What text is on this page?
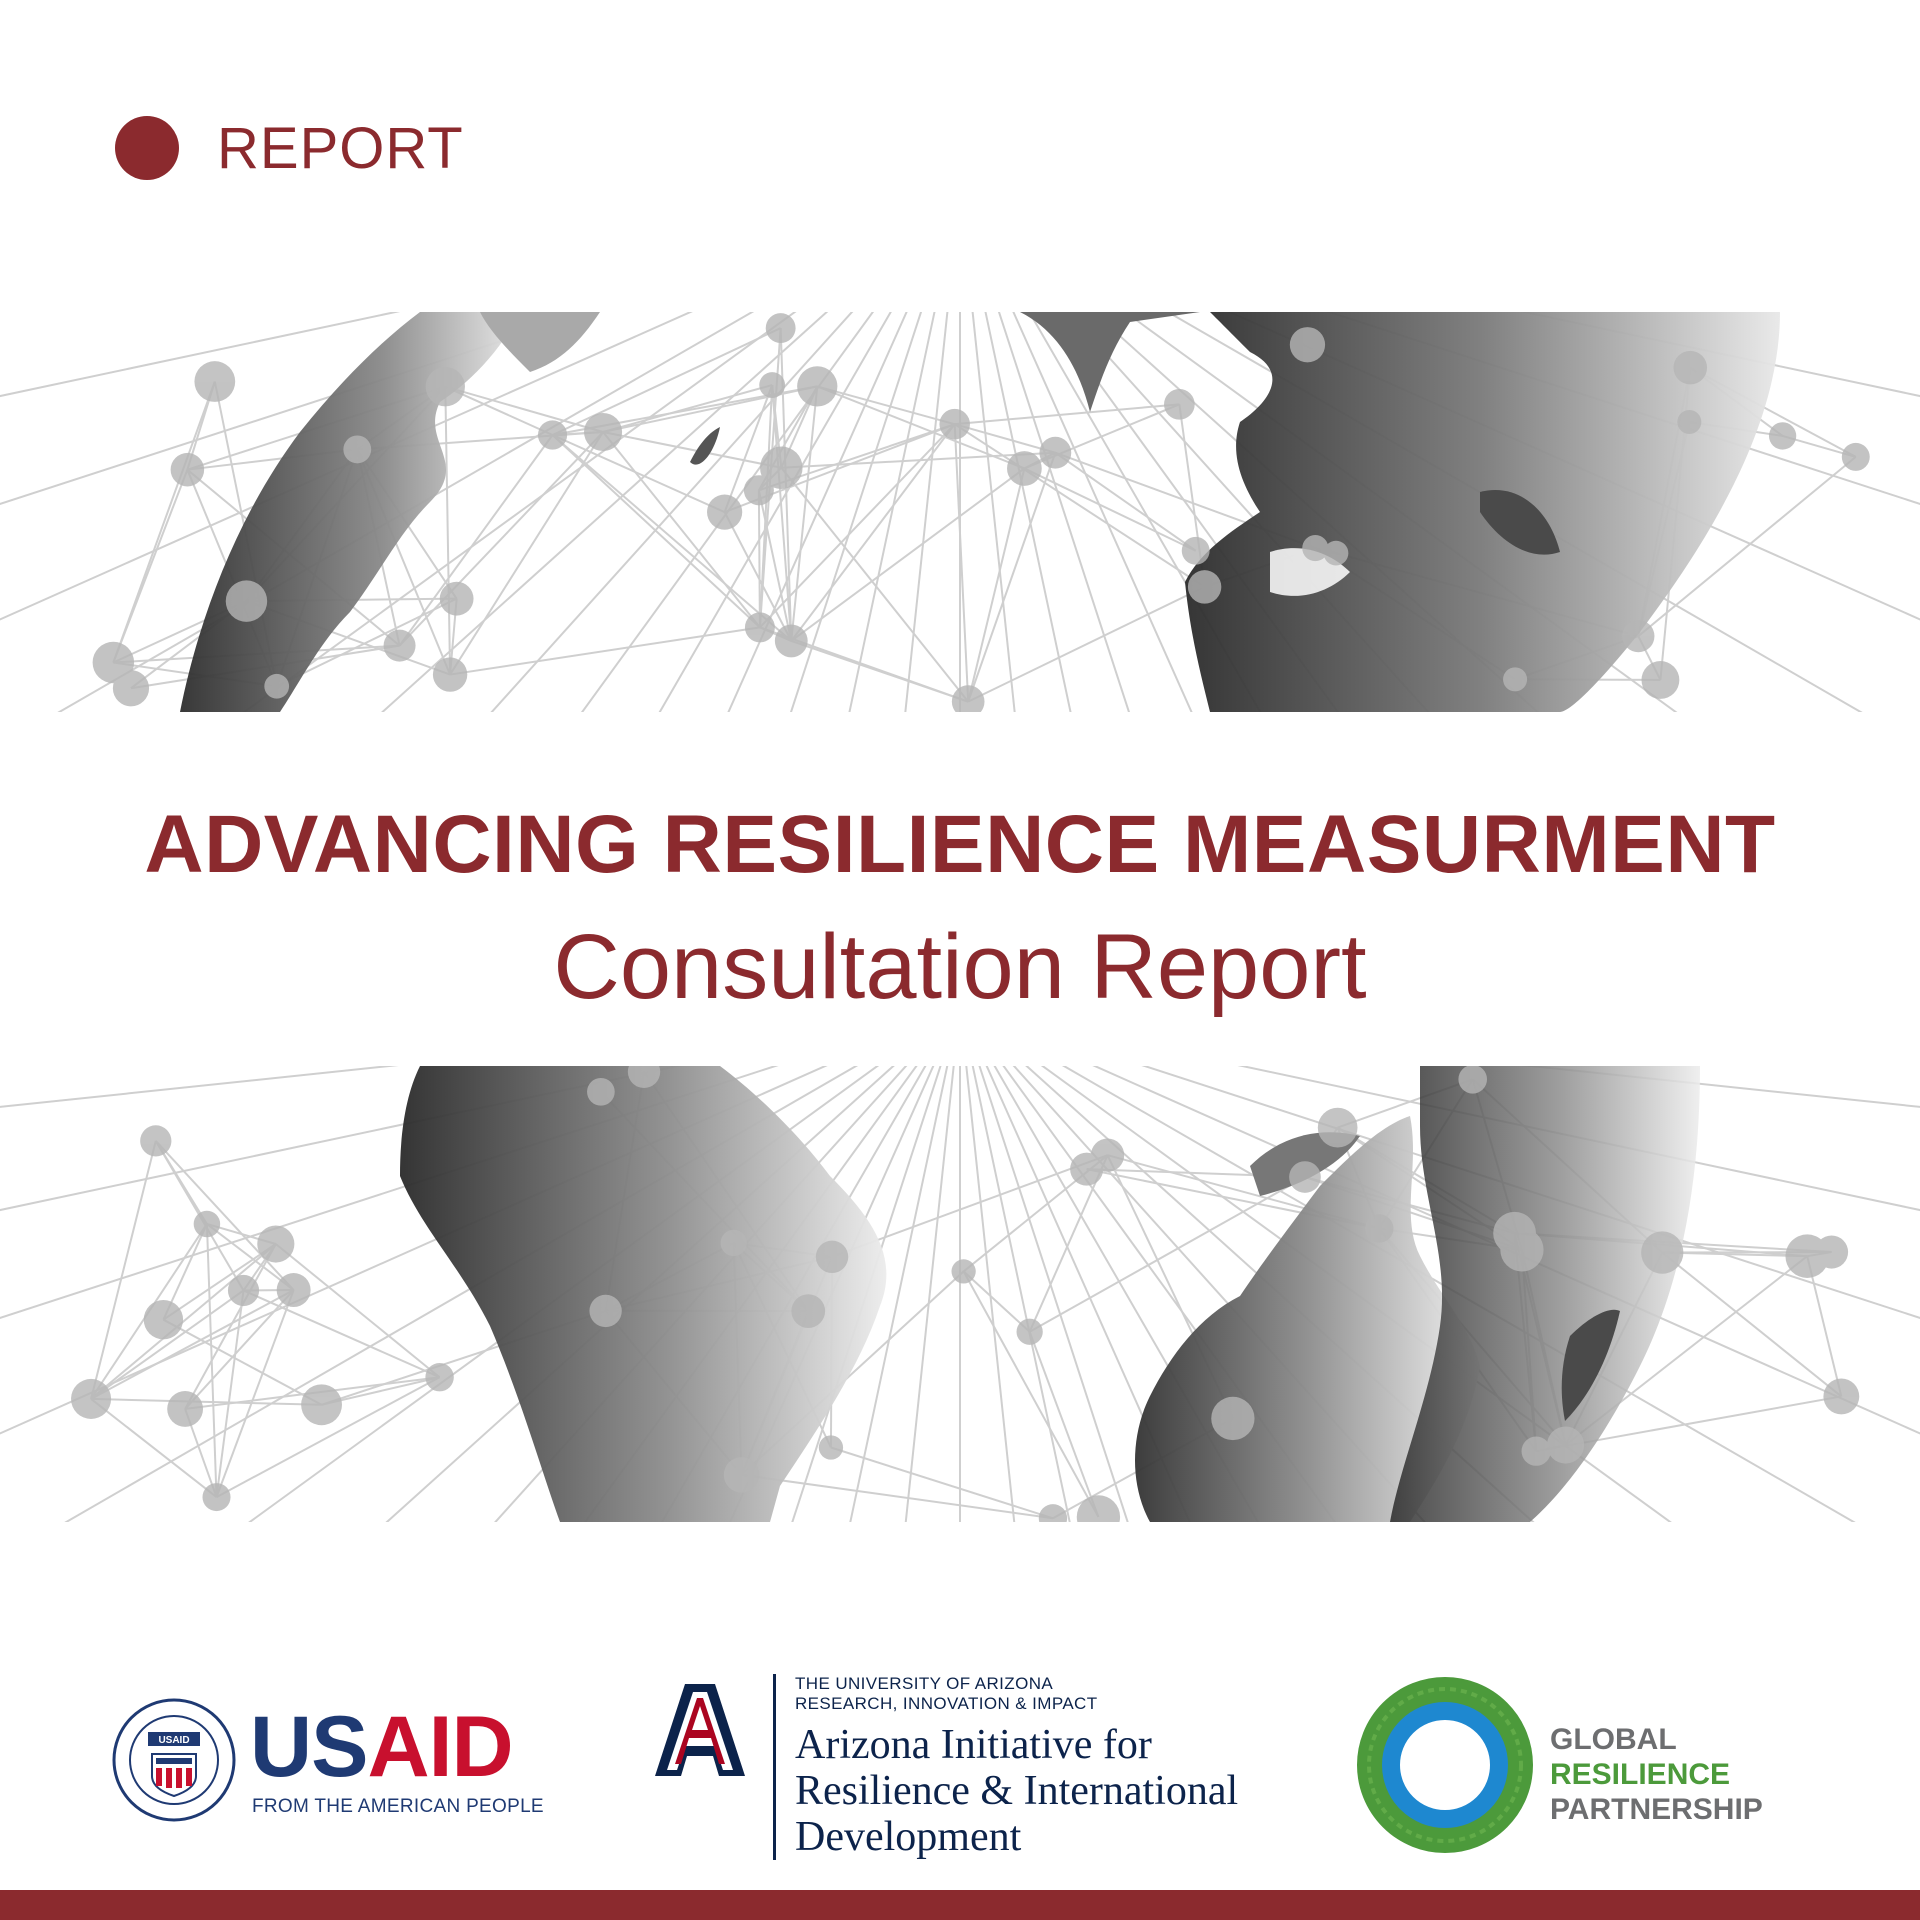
REPORT
ADVANCING RESILIENCE MEASURMENT
Consultation Report
USAID USAID
FROM THE AMERICAN PEOPLE
THE UNIVERSITY OF ARIZONA
RESEARCH, INNOVATION & IMPACT
Arizona Initiative for
Resilience & International
Development
GLOBAL
RESILIENCE
PARTNERSHIP
